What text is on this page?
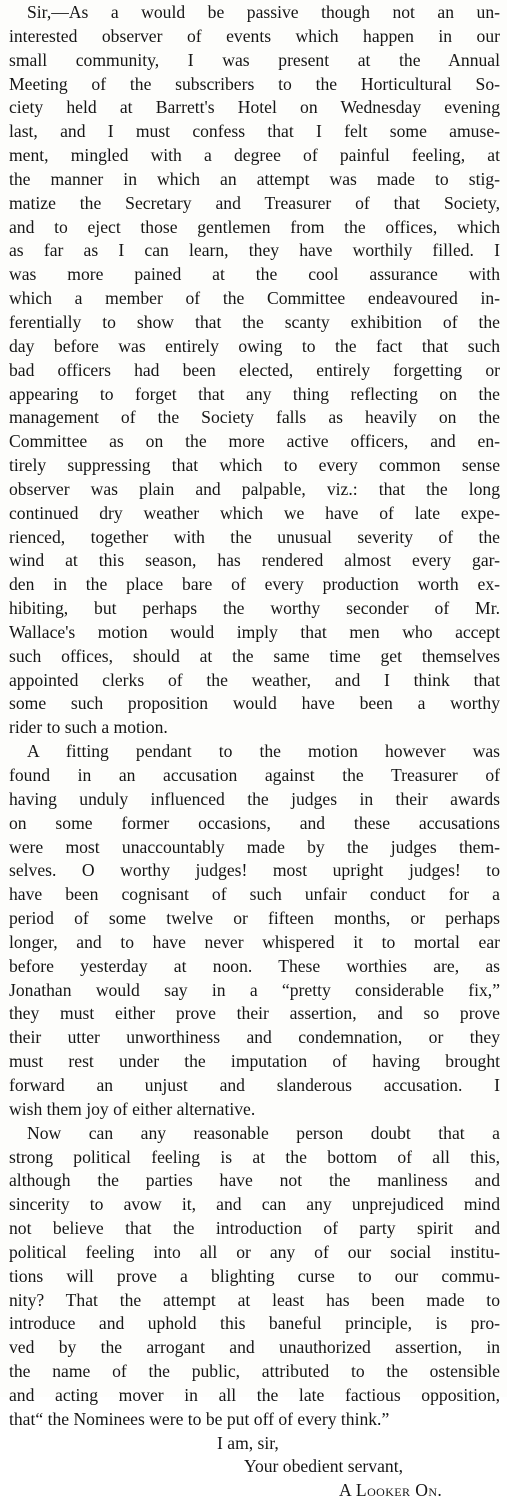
Sir,—As a would be passive though not an un-
interested observer of events which happen in our
small community, I was present at the Annual
Meeting of the subscribers to the Horticultural So-
ciety held at Barrett's Hotel on Wednesday evening
last, and I must confess that I felt some amuse-
ment, mingled with a degree of painful feeling, at
the manner in which an attempt was made to stig-
matize the Secretary and Treasurer of that Society,
and to eject those gentlemen from the offices, which
as far as I can learn, they have worthily filled. I
was more pained at the cool assurance with
which a member of the Committee endeavoured in-
ferentially to show that the scanty exhibition of the
day before was entirely owing to the fact that such
bad officers had been elected, entirely forgetting or
appearing to forget that any thing reflecting on the
management of the Society falls as heavily on the
Committee as on the more active officers, and en-
tirely suppressing that which to every common sense
observer was plain and palpable, viz.: that the long
continued dry weather which we have of late expe-
rienced, together with the unusual severity of the
wind at this season, has rendered almost every gar-
den in the place bare of every production worth ex-
hibiting, but perhaps the worthy seconder of Mr.
Wallace's motion would imply that men who accept
such offices, should at the same time get themselves
appointed clerks of the weather, and I think that
some such proposition would have been a worthy
rider to such a motion.
A fitting pendant to the motion however was
found in an accusation against the Treasurer of
having unduly influenced the judges in their awards
on some former occasions, and these accusations
were most unaccountably made by the judges them-
selves. O worthy judges! most upright judges! to
have been cognisant of such unfair conduct for a
period of some twelve or fifteen months, or perhaps
longer, and to have never whispered it to mortal ear
before yesterday at noon. These worthies are, as
Jonathan would say in a “pretty considerable fix,”
they must either prove their assertion, and so prove
their utter unworthiness and condemnation, or they
must rest under the imputation of having brought
forward an unjust and slanderous accusation. I
wish them joy of either alternative.
Now can any reasonable person doubt that a
strong political feeling is at the bottom of all this,
although the parties have not the manliness and
sincerity to avow it, and can any unprejudiced mind
not believe that the introduction of party spirit and
political feeling into all or any of our social institu-
tions will prove a blighting curse to our commu-
nity? That the attempt at least has been made to
introduce and uphold this baneful principle, is pro-
ved by the arrogant and unauthorized assertion, in
the name of the public, attributed to the ostensible
and acting mover in all the late factious opposition,
that“ the Nominees were to be put off of every think.”
I am, sir,
Your obedient servant,
A Looker On.
